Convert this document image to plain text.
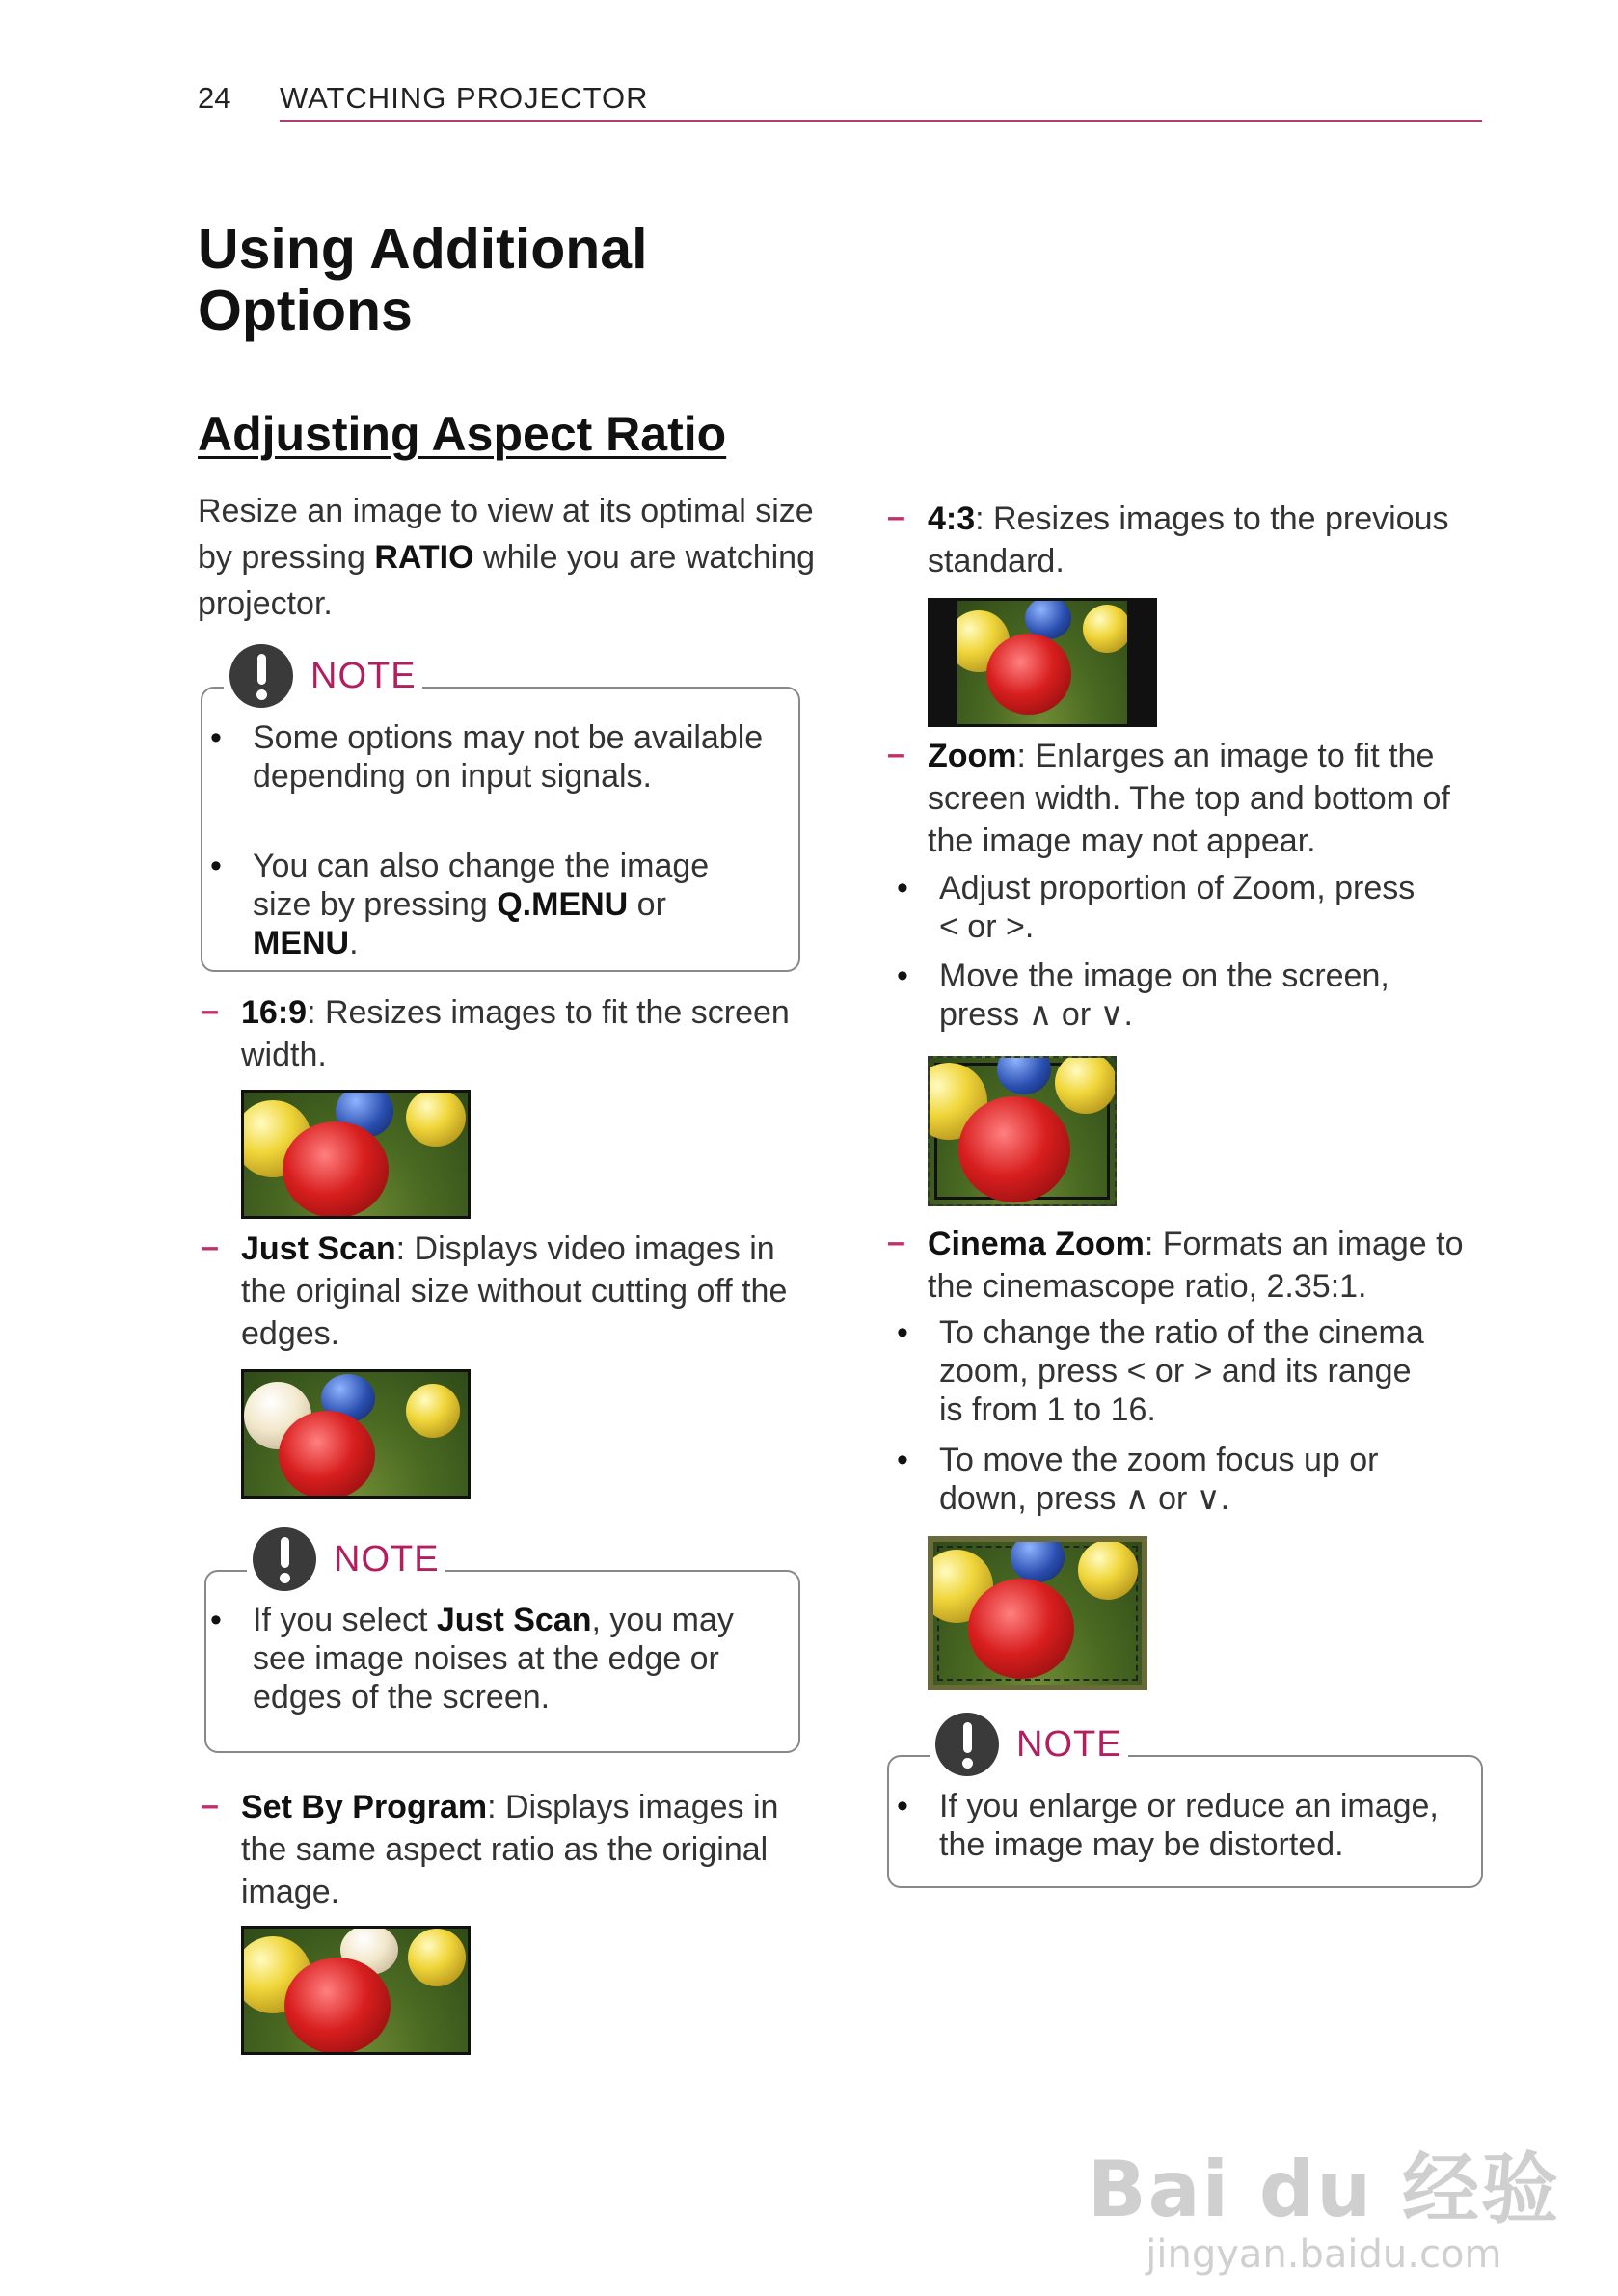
24 WATCHING PROJECTOR
Using Additional
Options
Adjusting Aspect Ratio
Resize an image to view at its optimal size by pressing RATIO while you are watching projector.
NOTE
• Some options may not be available depending on input signals.
• You can also change the image size by pressing Q.MENU or MENU.
– 16:9: Resizes images to fit the screen width.
– Just Scan: Displays video images in the original size without cutting off the edges.
NOTE
• If you select Just Scan, you may see image noises at the edge or edges of the screen.
– Set By Program: Displays images in the same aspect ratio as the original image.
– 4:3: Resizes images to the previous standard.
– Zoom: Enlarges an image to fit the screen width. The top and bottom of the image may not appear.
• Adjust proportion of Zoom, press
< or >.
• Move the image on the screen,
press ∧ or ∨.
– Cinema Zoom: Formats an image to the cinemascope ratio, 2.35:1.
• To change the ratio of the cinema
zoom, press < or > and its range
is from 1 to 16.
• To move the zoom focus up or
down, press ∧ or ∨.
NOTE
• If you enlarge or reduce an image, the image may be distorted.
Bai du 经验
jingyan.baidu.com
